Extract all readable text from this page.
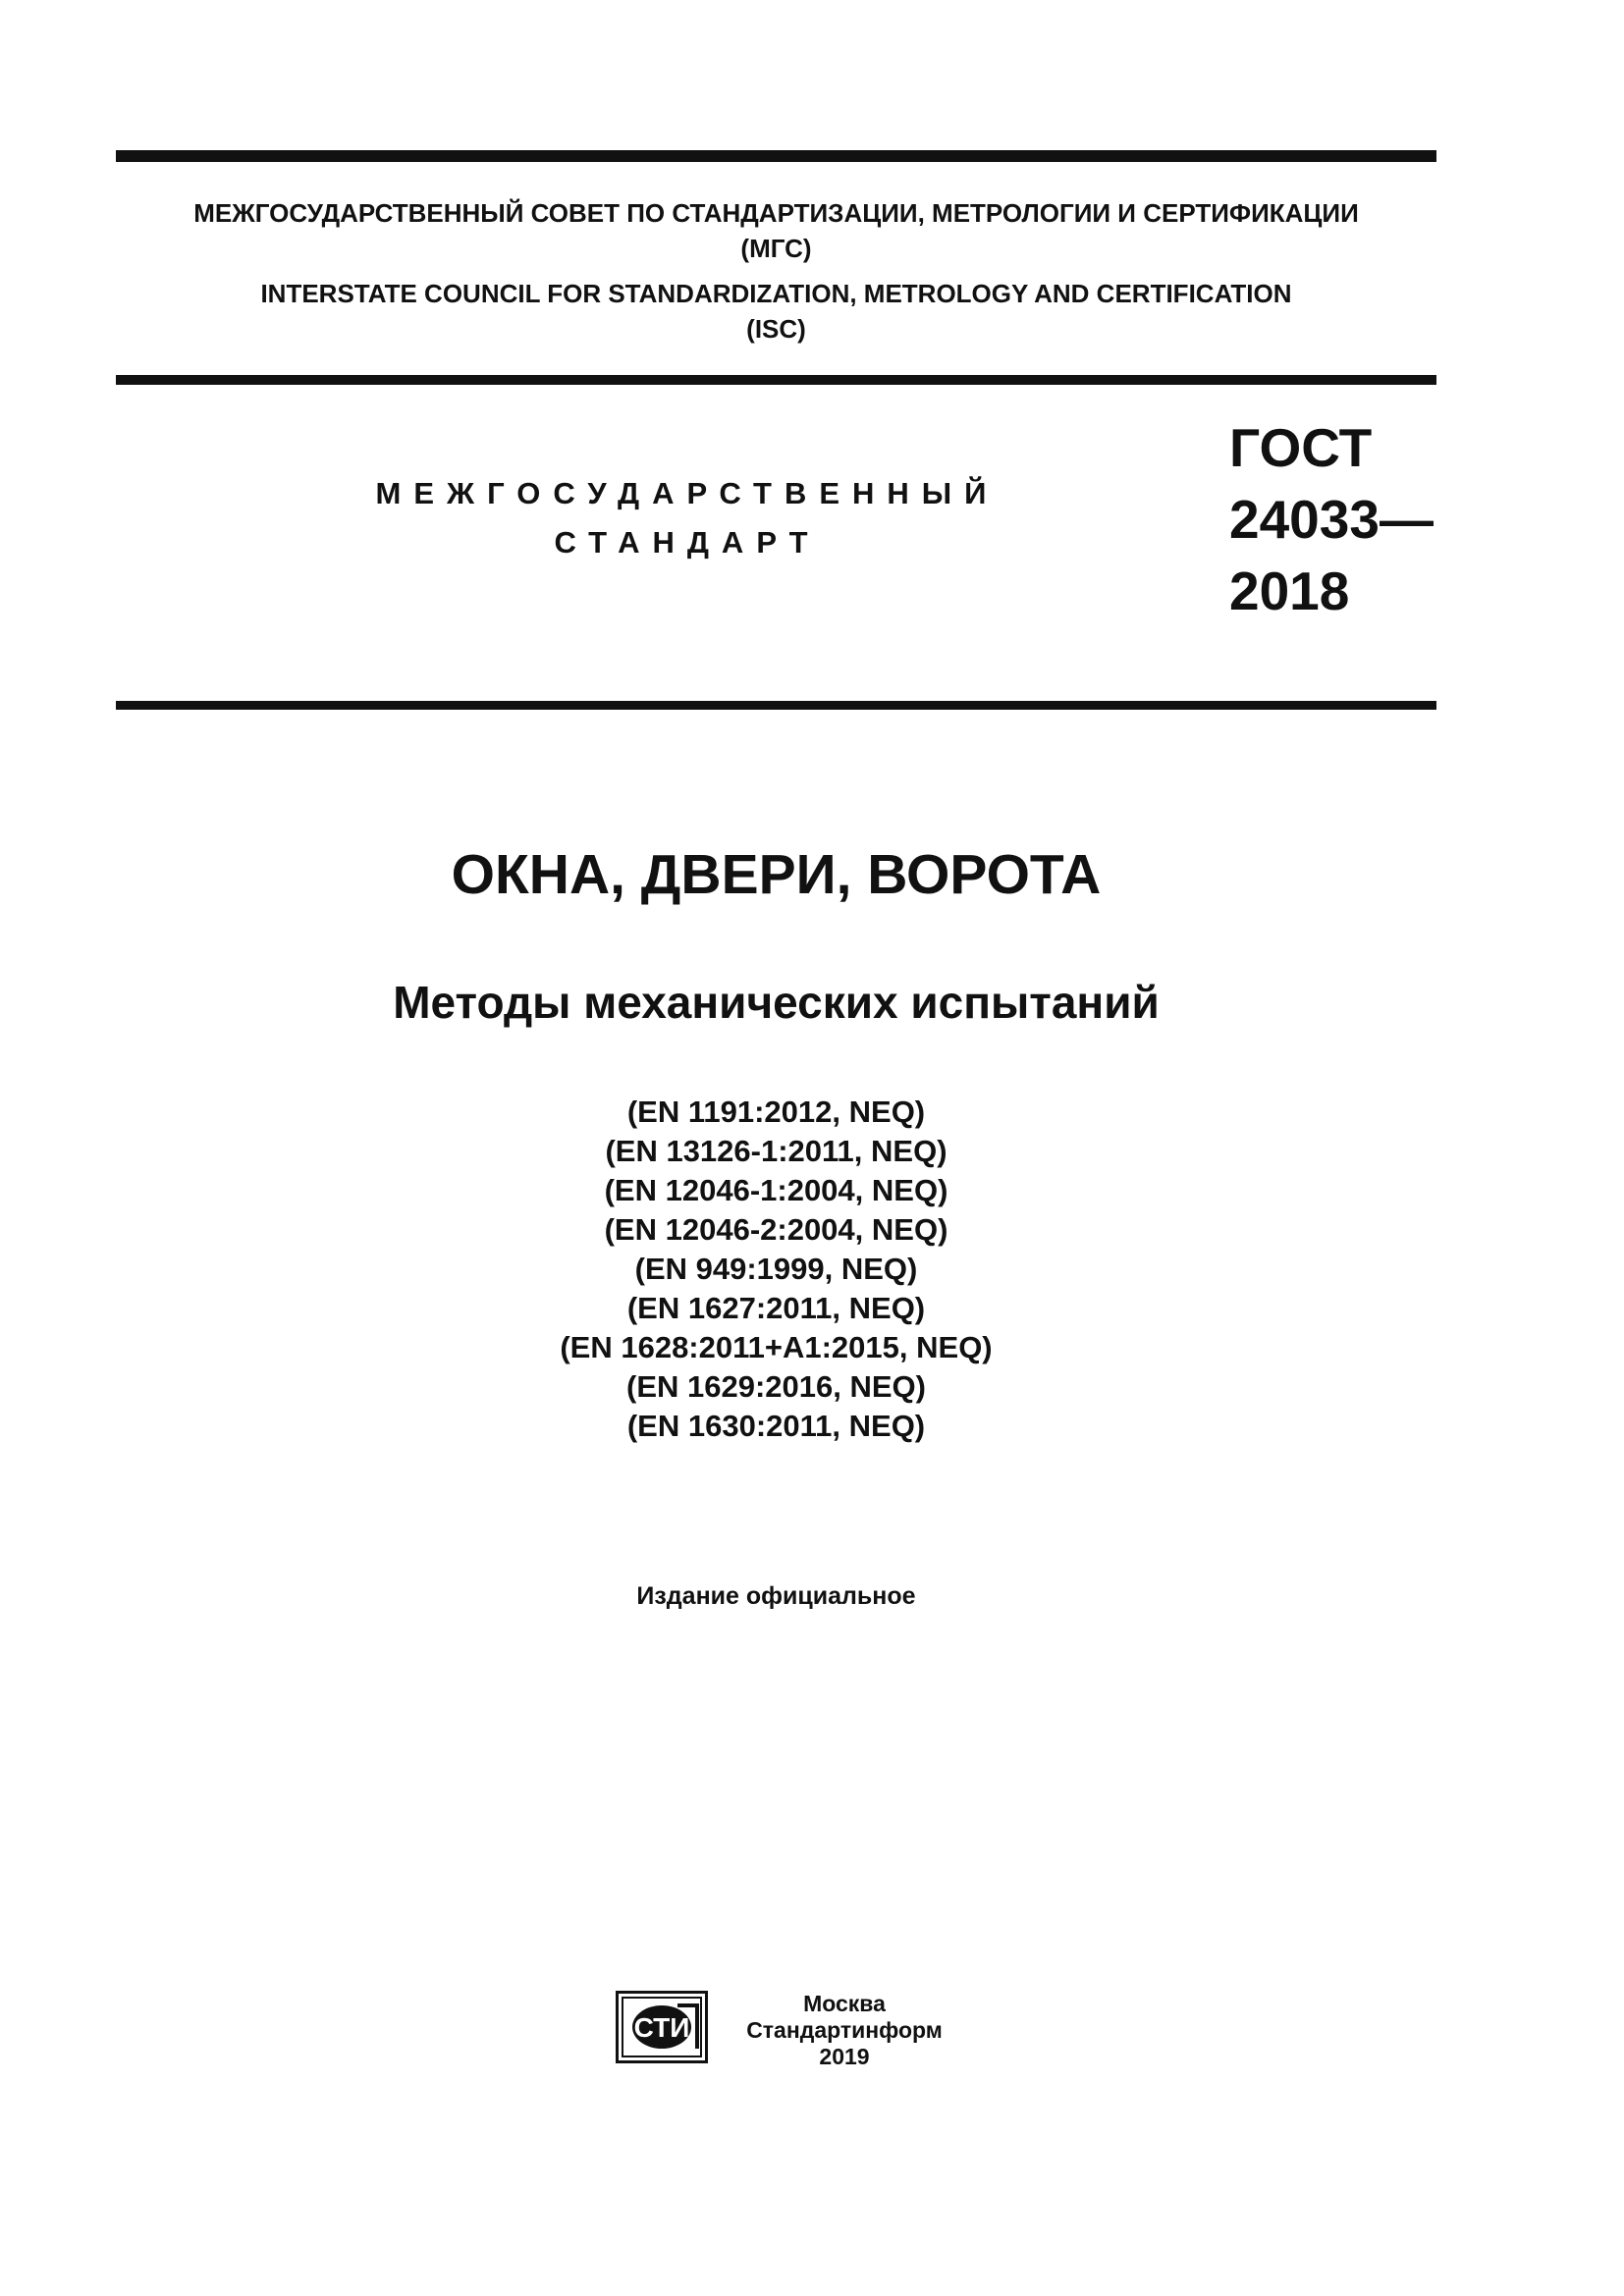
МЕЖГОСУДАРСТВЕННЫЙ СОВЕТ ПО СТАНДАРТИЗАЦИИ, МЕТРОЛОГИИ И СЕРТИФИКАЦИИ
(МГС)
INTERSTATE COUNCIL FOR STANDARDIZATION, METROLOGY AND CERTIFICATION
(ISC)
МЕЖГОСУДАРСТВЕННЫЙ
СТАНДАРТ
ГОСТ
24033—
2018
ОКНА, ДВЕРИ, ВОРОТА
Методы механических испытаний
(EN 1191:2012, NEQ)
(EN 13126-1:2011, NEQ)
(EN 12046-1:2004, NEQ)
(EN 12046-2:2004, NEQ)
(EN 949:1999, NEQ)
(EN 1627:2011, NEQ)
(EN 1628:2011+A1:2015, NEQ)
(EN 1629:2016, NEQ)
(EN 1630:2011, NEQ)
Издание официальное
СТИ
Москва
Стандартинформ
2019
